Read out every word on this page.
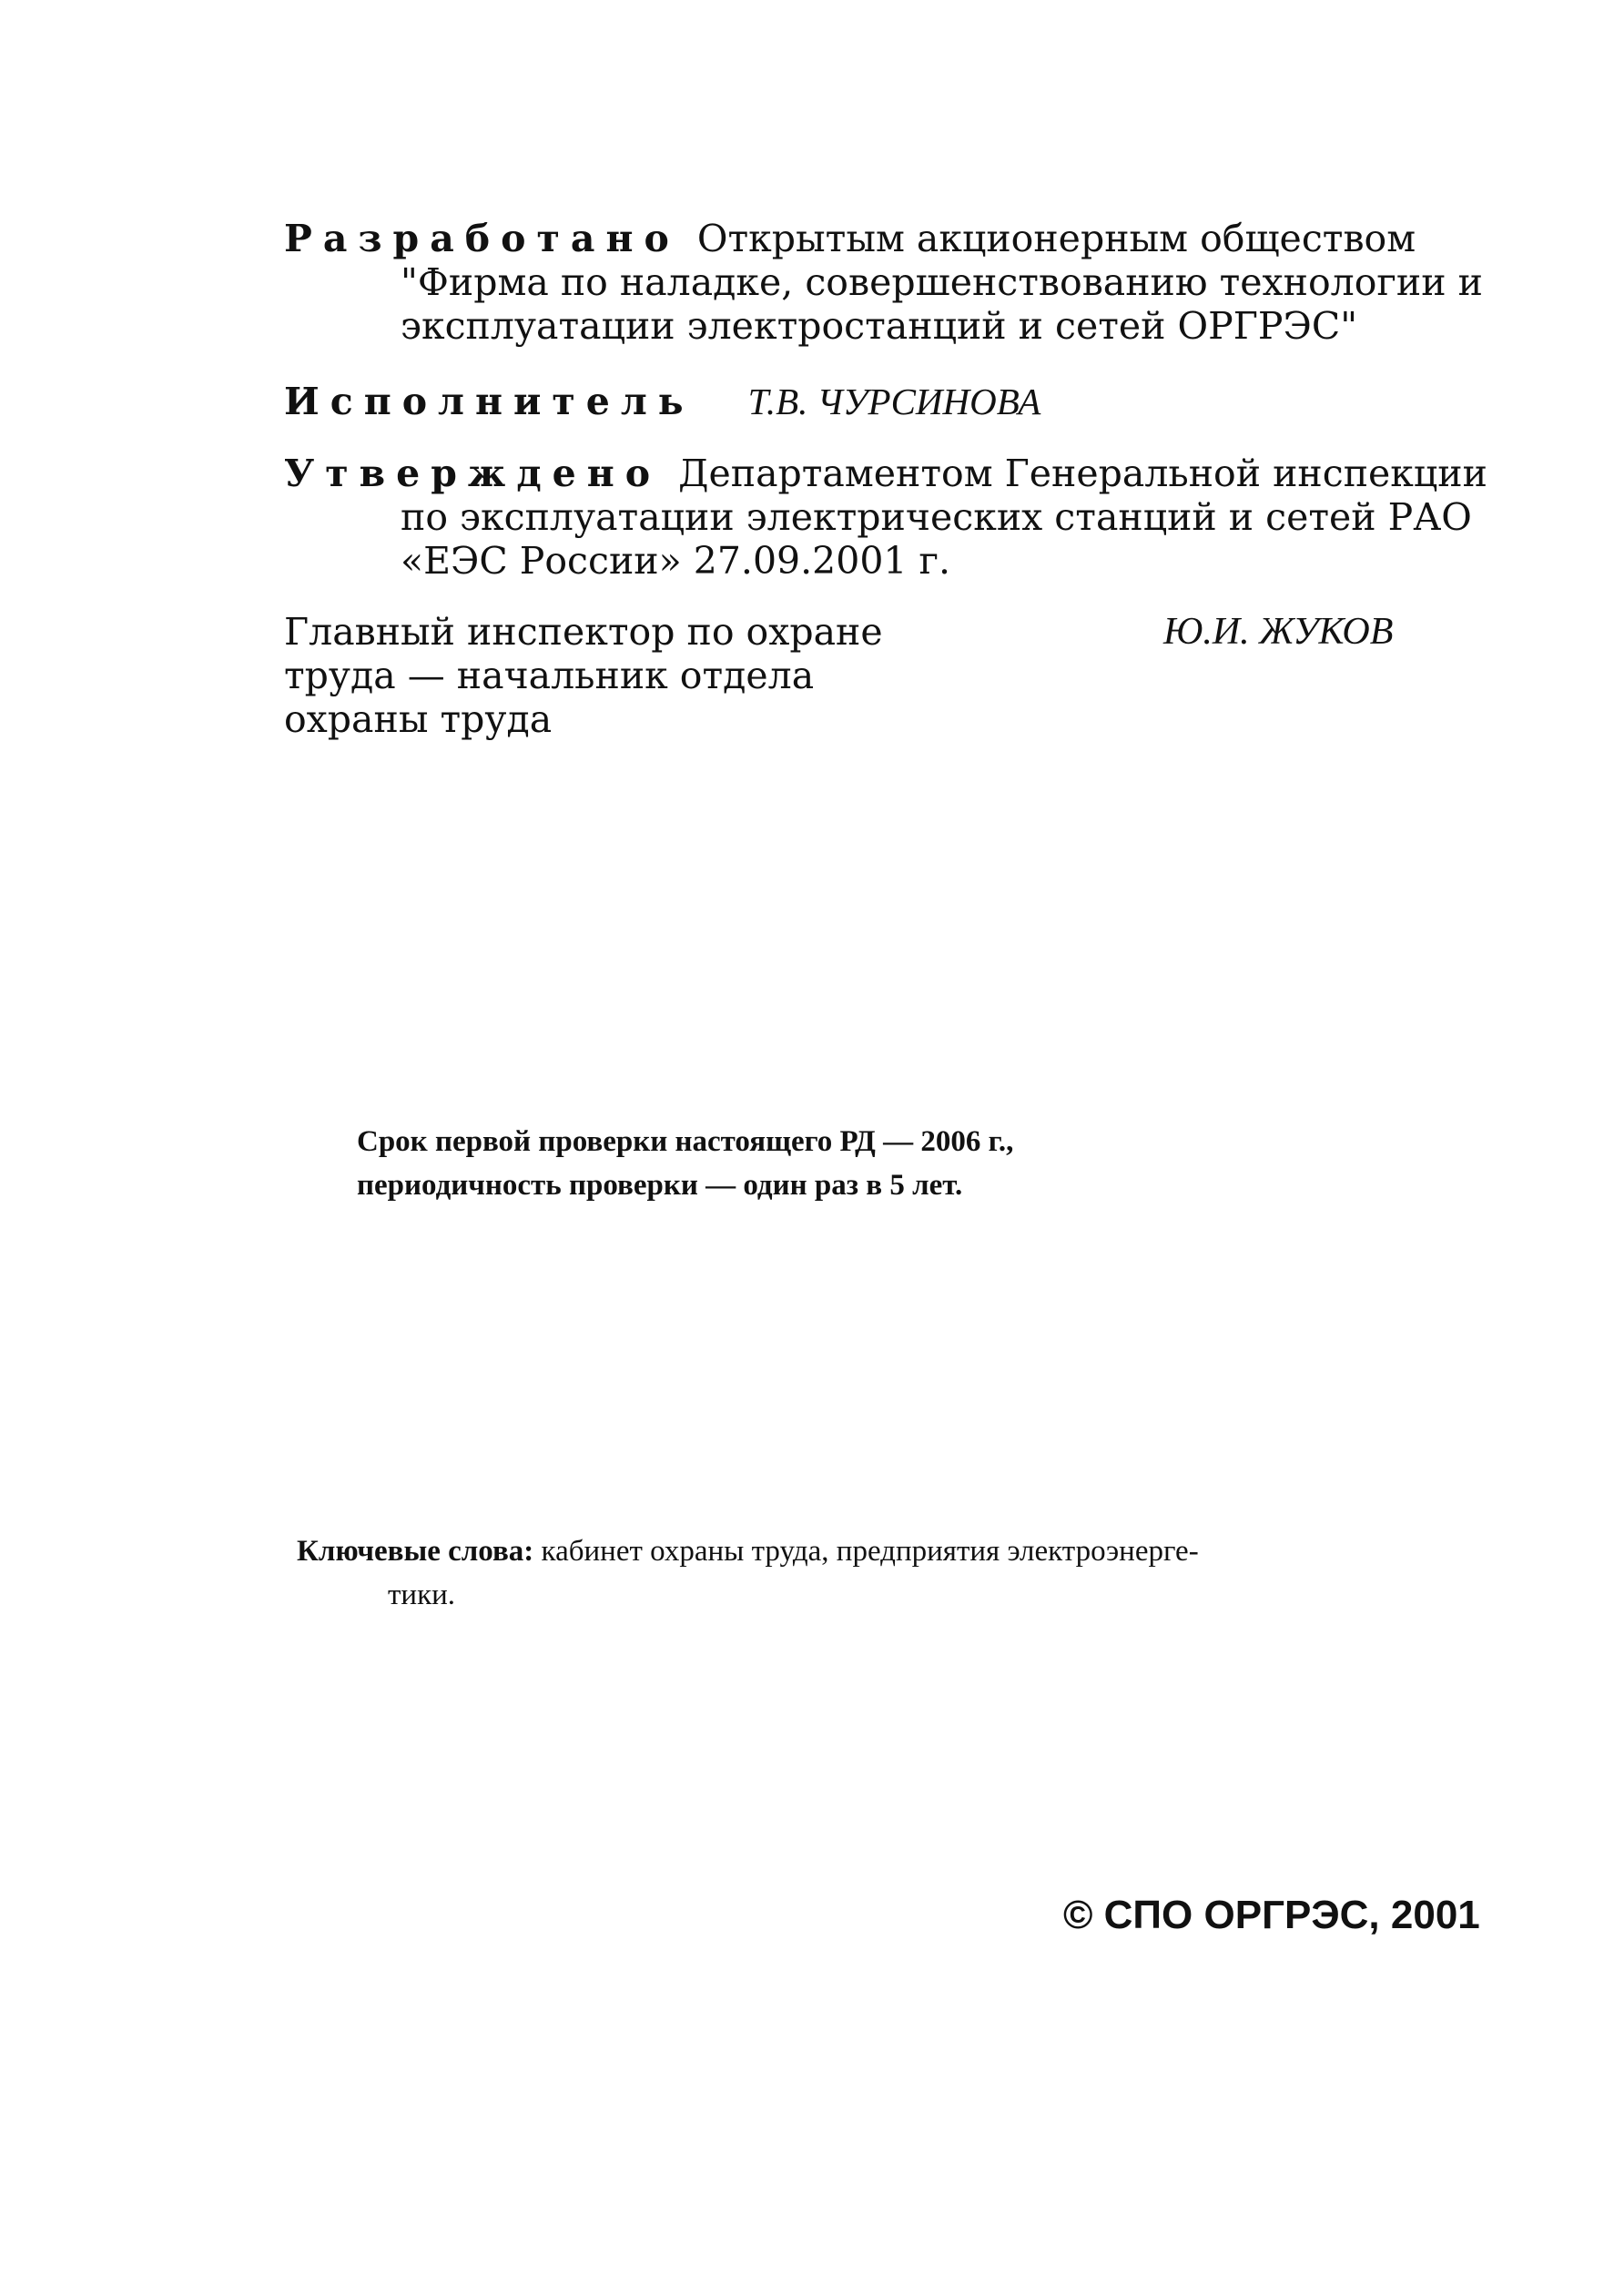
Разработано Открытым акционерным обществом
"Фирма по наладке, совершенствованию технологии и
эксплуатации электростанций и сетей ОРГРЭС"
Исполнитель Т.В. ЧУРСИНОВА
Утверждено Департаментом Генеральной инспекции
по эксплуатации электрических станций и сетей РАО
«ЕЭС России» 27.09.2001 г.
Главный инспектор по охране
труда — начальник отдела
охраны труда
Ю.И. ЖУКОВ
Срок первой проверки настоящего РД — 2006 г.,
периодичность проверки — один раз в 5 лет.
Ключевые слова: кабинет охраны труда, предприятия электроэнерге-
тики.
© СПО ОРГРЭС, 2001
